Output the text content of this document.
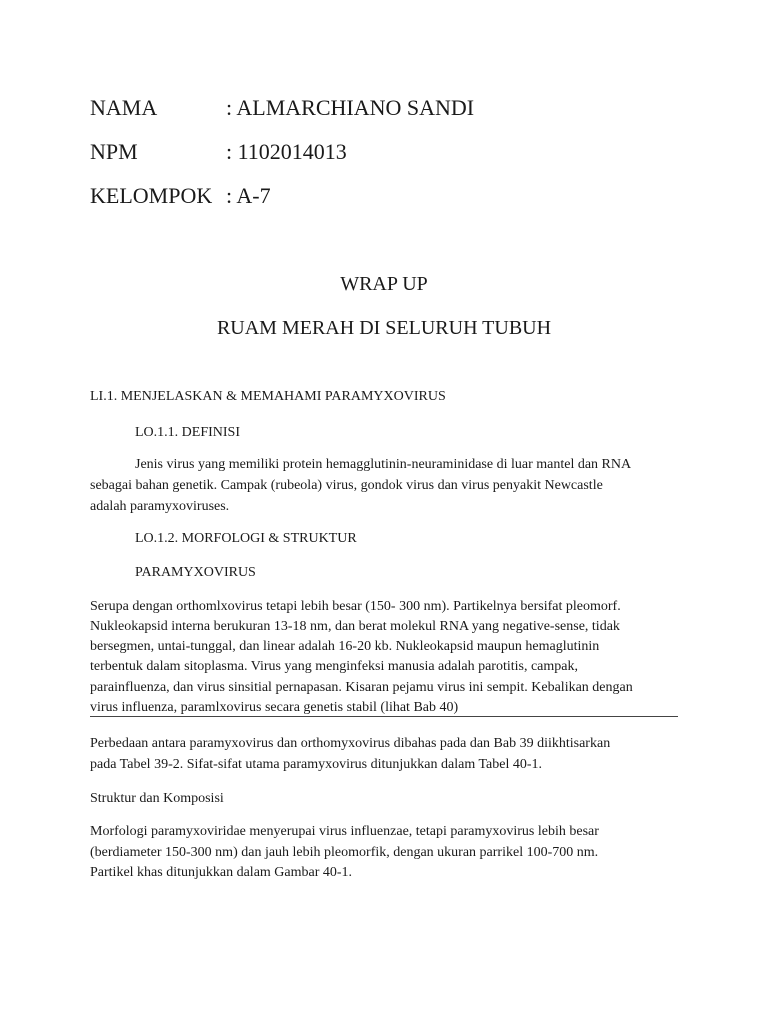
NAMA	: ALMARCHIANO SANDI
NPM	: 1102014013
KELOMPOK : A-7
WRAP UP
RUAM MERAH DI SELURUH TUBUH
LI.1. MENJELASKAN & MEMAHAMI PARAMYXOVIRUS
LO.1.1. DEFINISI
Jenis virus yang memiliki protein hemagglutinin-neuraminidase di luar mantel dan RNA
sebagai bahan genetik. Campak (rubeola) virus, gondok virus dan virus penyakit Newcastle
adalah paramyxoviruses.
LO.1.2. MORFOLOGI & STRUKTUR
PARAMYXOVIRUS
Serupa dengan orthomlxovirus tetapi lebih besar (150- 300 nm). Partikelnya bersifat pleomorf.
Nukleokapsid interna berukuran 13-18 nm, dan berat molekul RNA yang negative-sense, tidak
bersegmen, untai-tunggal, dan linear adalah 16-20 kb. Nukleokapsid maupun hemaglutinin
terbentuk dalam sitoplasma. Virus yang menginfeksi manusia adalah parotitis, campak,
parainfluenza, dan virus sinsitial pernapasan. Kisaran pejamu virus ini sempit. Kebalikan dengan
virus influenza, paramlxovirus secara genetis stabil (lihat Bab 40)
Perbedaan antara paramyxovirus dan orthomyxovirus dibahas pada dan Bab 39 diikhtisarkan
pada Tabel 39-2. Sifat-sifat utama paramyxovirus ditunjukkan dalam Tabel 40-1.
Struktur dan Komposisi
Morfologi paramyxoviridae menyerupai virus influenzae, tetapi paramyxovirus lebih besar
(berdiameter 150-300 nm) dan jauh lebih pleomorfik, dengan ukuran parrikel 100-700 nm.
Partikel khas ditunjukkan dalam Gambar 40-1.
